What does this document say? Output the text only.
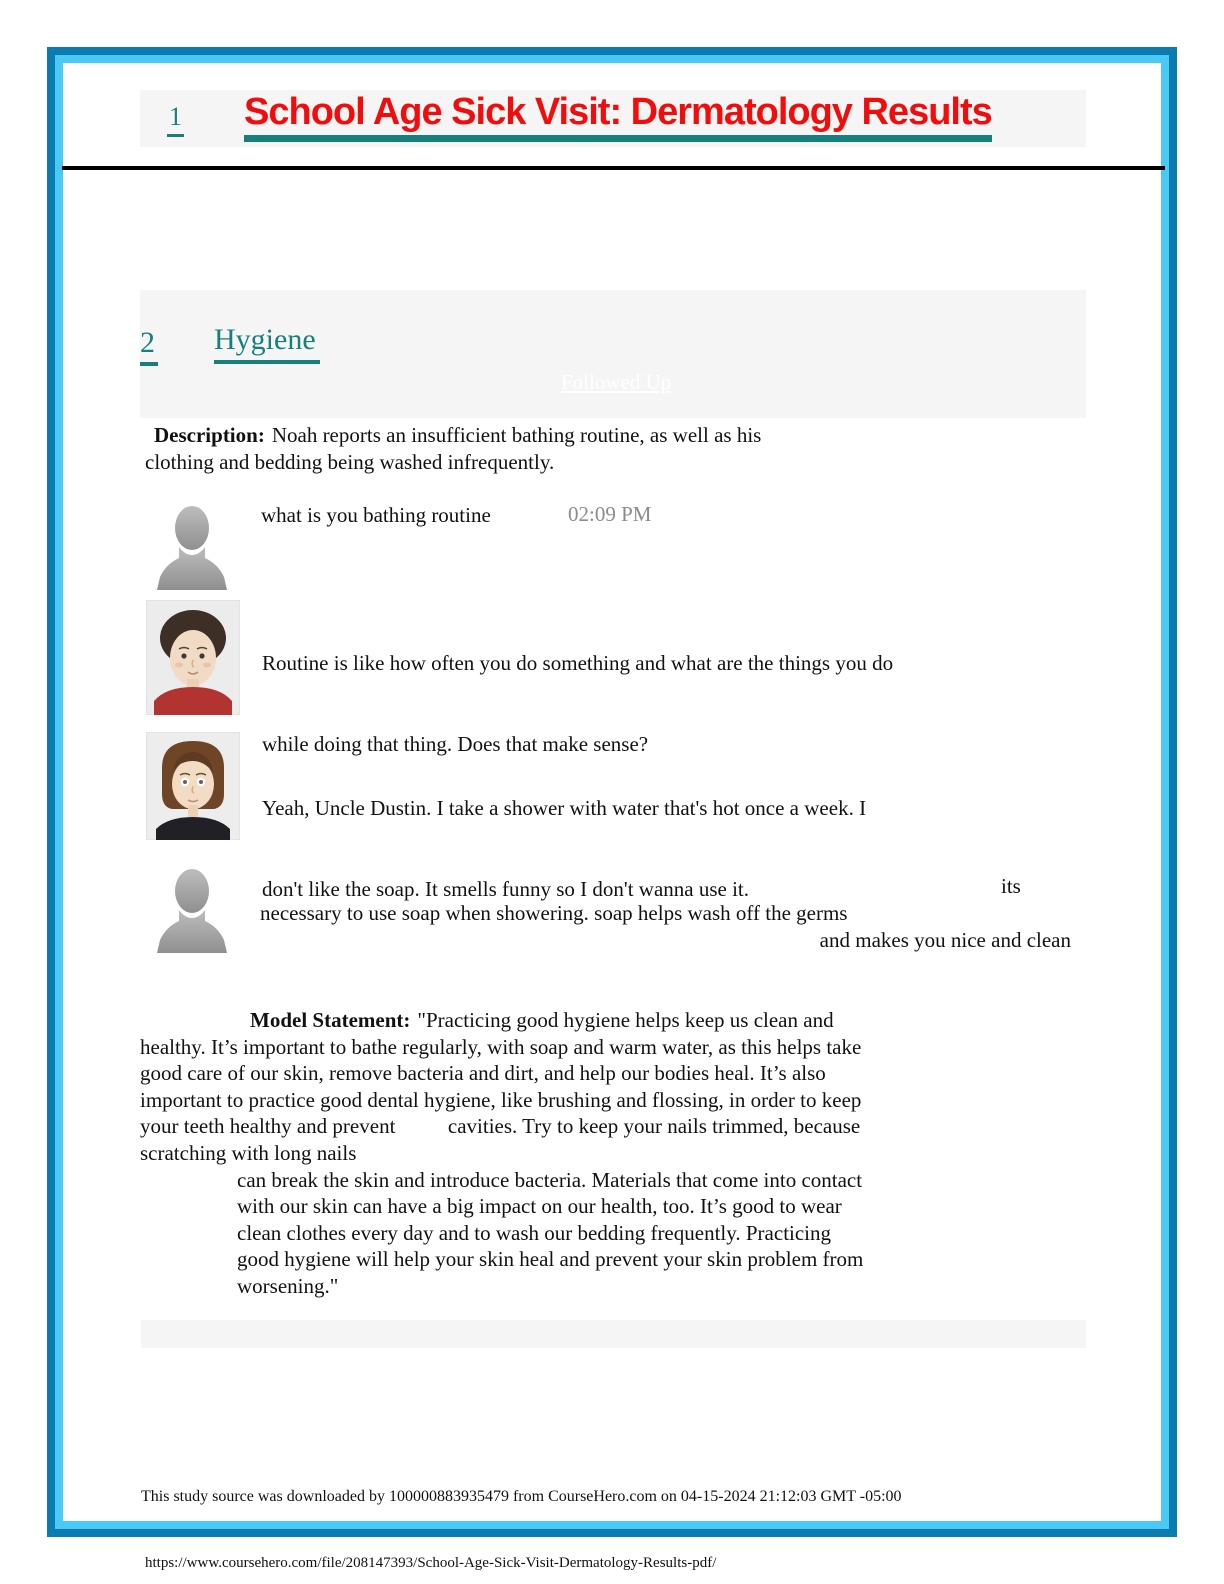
1 School Age Sick Visit: Dermatology Results
2 Hygiene
Followed Up
Description: Noah reports an insufficient bathing routine, as well as his
clothing and bedding being washed infrequently.
what is you bathing routine	02:09 PM

Routine is like how often you do something and what are the things you do

while doing that thing. Does that make sense?

Yeah, Uncle Dustin. I take a shower with water that's hot once a week. I

don't like the soap. It smells funny so I don't wanna use it.

	its
necessary to use soap when showering. soap helps wash off the germs
and makes you nice and clean
Model Statement: "Practicing good hygiene helps keep us clean and
healthy. It’s important to bathe regularly, with soap and warm water, as this helps take
good care of our skin, remove bacteria and dirt, and help our bodies heal. It’s also
important to practice good dental hygiene, like brushing and flossing, in order to keep
your teeth healthy and prevent          cavities. Try to keep your nails trimmed, because
scratching with long nails
can break the skin and introduce bacteria. Materials that come into contact
with our skin can have a big impact on our health, too. It’s good to wear
clean clothes every day and to wash our bedding frequently. Practicing
good hygiene will help your skin heal and prevent your skin problem from
worsening."
This study source was downloaded by 100000883935479 from CourseHero.com on 04-15-2024 21:12:03 GMT -05:00
https://www.coursehero.com/file/208147393/School-Age-Sick-Visit-Dermatology-Results-pdf/
